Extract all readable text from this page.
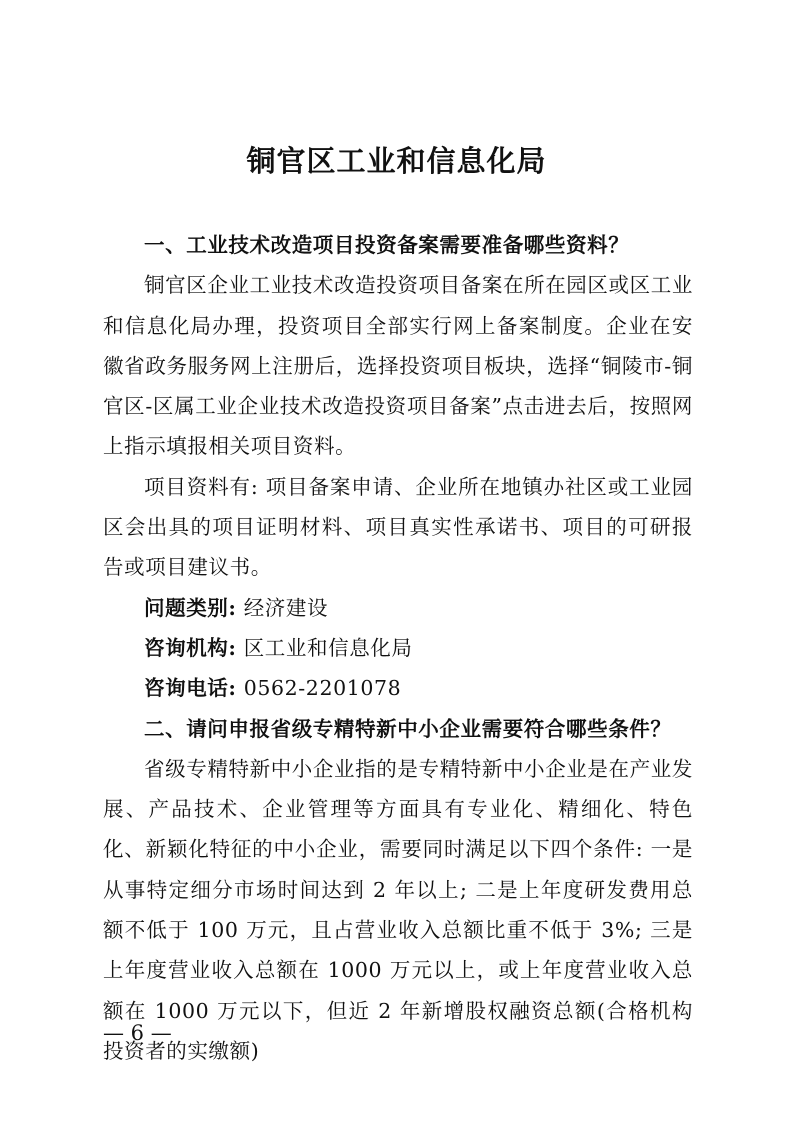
铜官区工业和信息化局

一、工业技术改造项目投资备案需要准备哪些资料？

铜官区企业工业技术改造投资项目备案在所在园区或区工业和信息化局办理，投资项目全部实行网上备案制度。企业在安徽省政务服务网上注册后，选择投资项目板块，选择“铜陵市-铜官区-区属工业企业技术改造投资项目备案”点击进去后，按照网上指示填报相关项目资料。

项目资料有: 项目备案申请、企业所在地镇办社区或工业园区会出具的项目证明材料、项目真实性承诺书、项目的可研报告或项目建议书。

问题类别: 经济建设

咨询机构: 区工业和信息化局

咨询电话: 0562-2201078

二、请问申报省级专精特新中小企业需要符合哪些条件？

省级专精特新中小企业指的是专精特新中小企业是在产业发展、产品技术、企业管理等方面具有专业化、精细化、特色化、新颖化特征的中小企业，需要同时满足以下四个条件: 一是从事特定细分市场时间达到 2 年以上; 二是上年度研发费用总额不低于 100 万元，且占营业收入总额比重不低于 3%; 三是上年度营业收入总额在 1000 万元以上，或上年度营业收入总额在 1000 万元以下，但近 2 年新增股权融资总额(合格机构投资者的实缴额)

— 6 —
